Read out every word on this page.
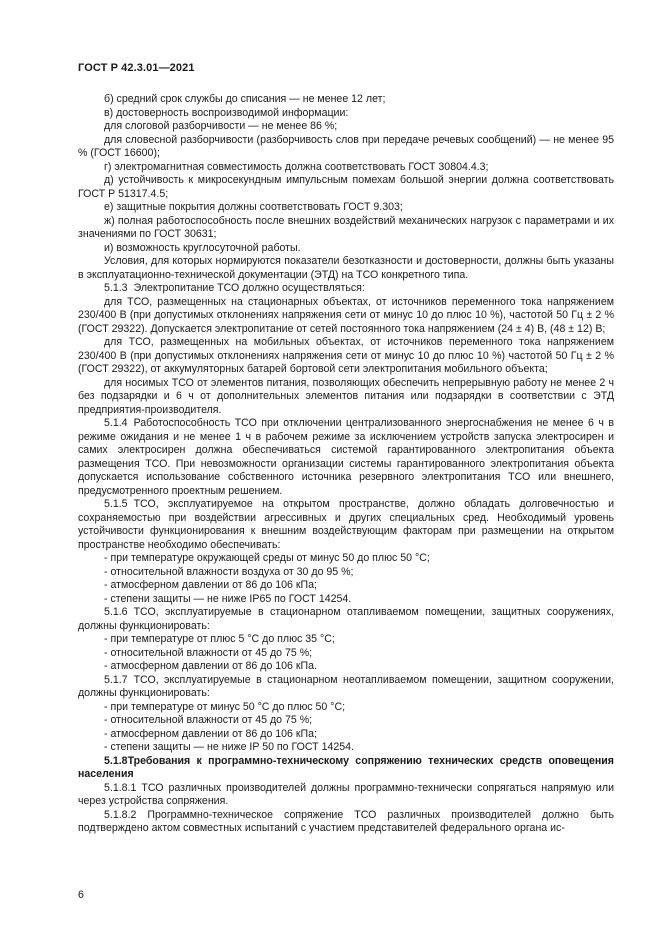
ГОСТ Р 42.3.01—2021

б) средний срок службы до списания — не менее 12 лет;

в) достоверность воспроизводимой информации:

для слоговой разборчивости — не менее 86 %;

для словесной разборчивости (разборчивость слов при передаче речевых сообщений) — не менее 95 % (ГОСТ 16600);

г) электромагнитная совместимость должна соответствовать ГОСТ 30804.4.3;

д) устойчивость к микросекундным импульсным помехам большой энергии должна соответствовать ГОСТ Р 51317.4.5;

е) защитные покрытия должны соответствовать ГОСТ 9.303;

ж) полная работоспособность после внешних воздействий механических нагрузок с параметрами и их значениями по ГОСТ 30631;

и) возможность круглосуточной работы.

Условия, для которых нормируются показатели безотказности и достоверности, должны быть указаны в эксплуатационно-технической документации (ЭТД) на ТСО конкретного типа.

5.1.3 Электропитание ТСО должно осуществляться:

для ТСО, размещенных на стационарных объектах, от источников переменного тока напряжением 230/400 В (при допустимых отклонениях напряжения сети от минус 10 до плюс 10 %), частотой 50 Гц ± 2 % (ГОСТ 29322). Допускается электропитание от сетей постоянного тока напряжением (24 ± 4) В, (48 ± 12) В;

для ТСО, размещенных на мобильных объектах, от источников переменного тока напряжением 230/400 В (при допустимых отклонениях напряжения сети от минус 10 до плюс 10 %) частотой 50 Гц ± 2 % (ГОСТ 29322), от аккумуляторных батарей бортовой сети электропитания мобильного объекта;

для носимых ТСО от элементов питания, позволяющих обеспечить непрерывную работу не менее 2 ч без подзарядки и 6 ч от дополнительных элементов питания или подзарядки в соответствии с ЭТД предприятия-производителя.

5.1.4 Работоспособность ТСО при отключении централизованного энергоснабжения не менее 6 ч в режиме ожидания и не менее 1 ч в рабочем режиме за исключением устройств запуска электросирен и самих электросирен должна обеспечиваться системой гарантированного электропитания объекта размещения ТСО. При невозможности организации системы гарантированного электропитания объекта допускается использование собственного источника резервного электропитания ТСО или внешнего, предусмотренного проектным решением.

5.1.5 ТСО, эксплуатируемое на открытом пространстве, должно обладать долговечностью и сохраняемостью при воздействии агрессивных и других специальных сред. Необходимый уровень устойчивости функционирования к внешним воздействующим факторам при размещении на открытом пространстве необходимо обеспечивать:

- при температуре окружающей среды от минус 50 до плюс 50 °С;

- относительной влажности воздуха от 30 до 95 %;

- атмосферном давлении от 86 до 106 кПа;

- степени защиты — не ниже IP65 по ГОСТ 14254.

5.1.6 ТСО, эксплуатируемые в стационарном отапливаемом помещении, защитных сооружениях, должны функционировать:

- при температуре от плюс 5 °С до плюс 35 °С;

- относительной влажности от 45 до 75 %;

- атмосферном давлении от 86 до 106 кПа.

5.1.7 ТСО, эксплуатируемые в стационарном неотапливаемом помещении, защитном сооружении, должны функционировать:

- при температуре от минус 50 °С до плюс 50 °С;

- относительной влажности от 45 до 75 %;

- атмосферном давлении от 86 до 106 кПа;

- степени защиты — не ниже IP 50 по ГОСТ 14254.

5.1.8Требования к программно-техническому сопряжению технических средств оповещения населения

5.1.8.1 ТСО различных производителей должны программно-технически сопрягаться напрямую или через устройства сопряжения.

5.1.8.2 Программно-техническое сопряжение ТСО различных производителей должно быть подтверждено актом совместных испытаний с участием представителей федерального органа ис-

6
